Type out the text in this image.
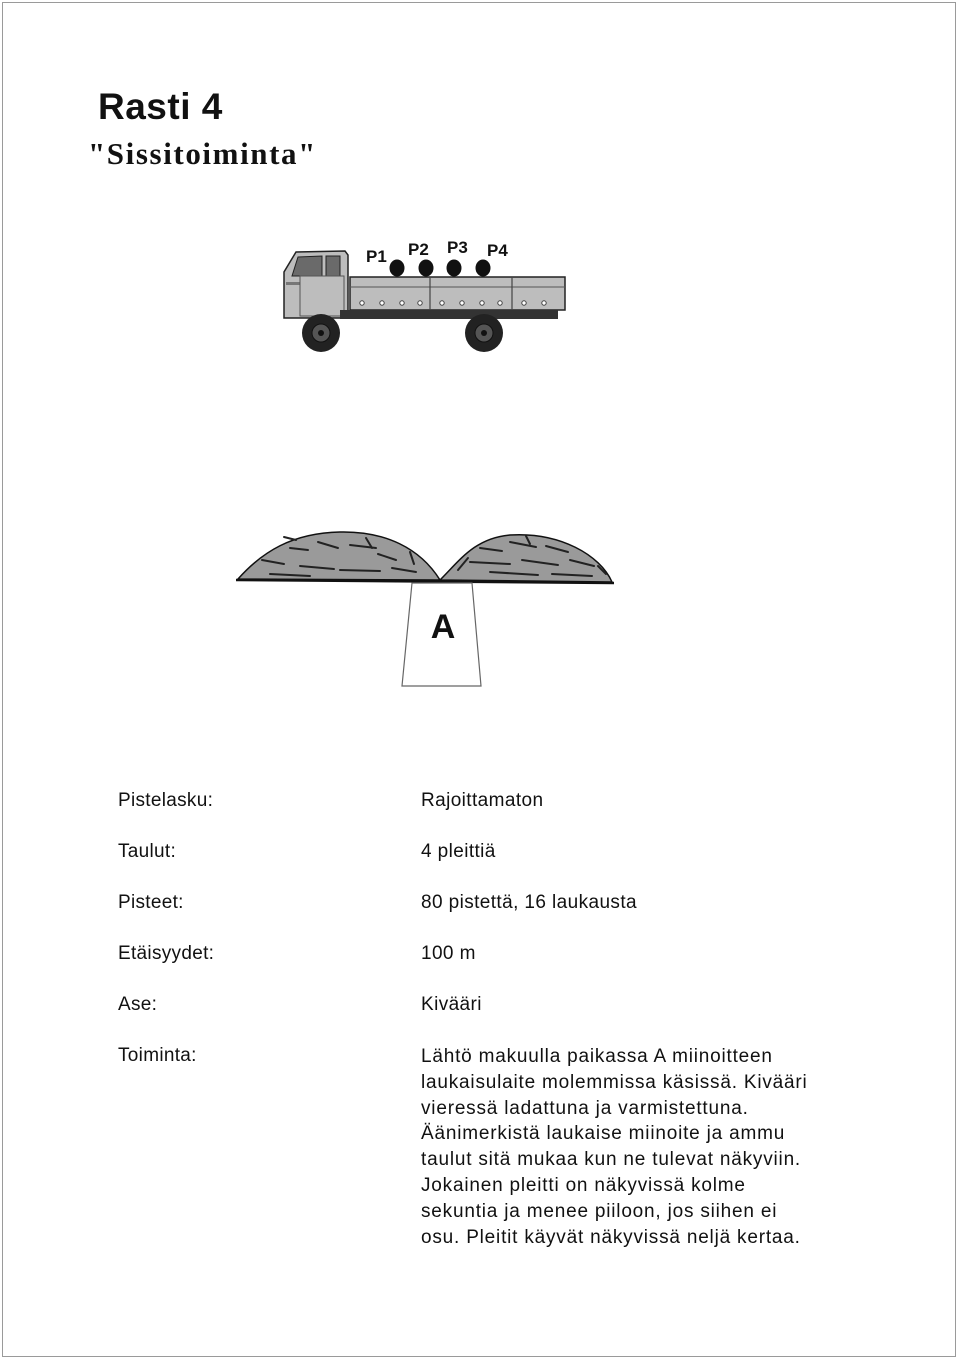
Rasti 4
"Sissitoiminta"
P1 P2 P3 P4
A
Pistelasku:	Rajoittamaton
Taulut:	4 pleittiä
Pisteet:	80 pistettä, 16 laukausta
Etäisyydet:	100 m
Ase:	Kivääri
Toiminta:	Lähtö makuulla paikassa A miinoitteen
laukaisulaite molemmissa käsissä. Kivääri
vieressä ladattuna ja varmistettuna.
Äänimerkistä laukaise miinoite ja ammu
taulut sitä mukaa kun ne tulevat näkyviin.
Jokainen pleitti on näkyvissä kolme
sekuntia ja menee piiloon, jos siihen ei
osu. Pleitit käyvät näkyvissä neljä kertaa.
